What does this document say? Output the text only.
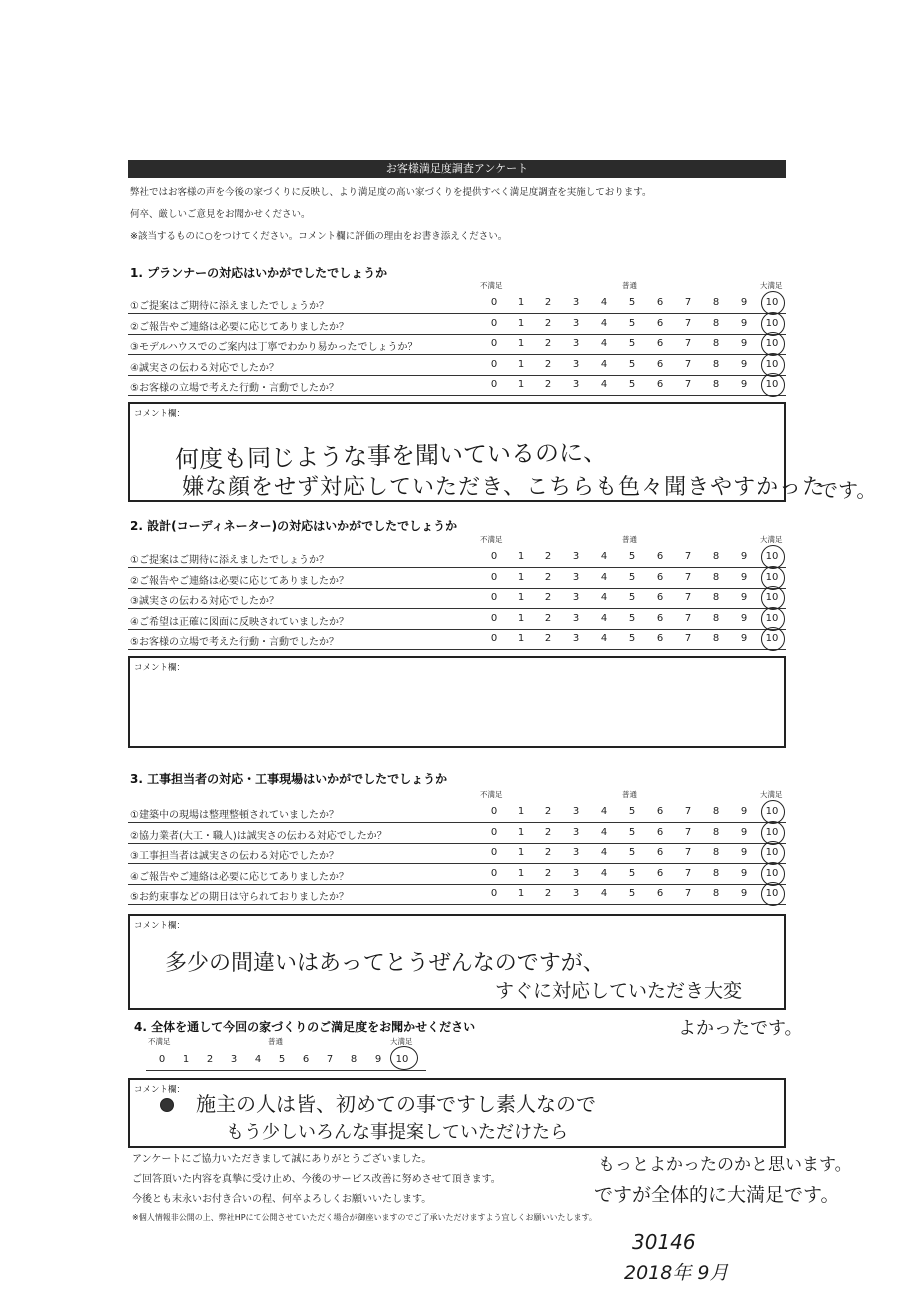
お客様満足度調査アンケート
弊社ではお客様の声を今後の家づくりに反映し、より満足度の高い家づくりを提供すべく満足度調査を実施しております。
何卒、厳しいご意見をお聞かせください。
※該当するものに○をつけてください。コメント欄に評価の理由をお書き添えください。
1. プランナーの対応はいかがでしたでしょうか
不満足	普通	大満足
①ご提案はご期待に添えましたでしょうか？	0	1	2	3	4	5	6	7	8	9	10
②ご報告やご連絡は必要に応じてありましたか？	0	1	2	3	4	5	6	7	8	9	10
③モデルハウスでのご案内は丁寧でわかり易かったでしょうか？	0	1	2	3	4	5	6	7	8	9	10
④誠実さの伝わる対応でしたか？	0	1	2	3	4	5	6	7	8	9	10
⑤お客様の立場で考えた行動・言動でしたか？	0	1	2	3	4	5	6	7	8	9	10
コメント欄：
何度も同じような事を聞いているのに、
嫌な顔をせず対応していただき、こちらも色々聞きやすかった
です。
2. 設計(コーディネーター)の対応はいかがでしたでしょうか
不満足	普通	大満足
①ご提案はご期待に添えましたでしょうか？	0	1	2	3	4	5	6	7	8	9	10
②ご報告やご連絡は必要に応じてありましたか？	0	1	2	3	4	5	6	7	8	9	10
③誠実さの伝わる対応でしたか？	0	1	2	3	4	5	6	7	8	9	10
④ご希望は正確に図面に反映されていましたか？	0	1	2	3	4	5	6	7	8	9	10
⑤お客様の立場で考えた行動・言動でしたか？	0	1	2	3	4	5	6	7	8	9	10
コメント欄：
3. 工事担当者の対応・工事現場はいかがでしたでしょうか
不満足	普通	大満足
①建築中の現場は整理整頓されていましたか？	0	1	2	3	4	5	6	7	8	9	10
②協力業者(大工・職人)は誠実さの伝わる対応でしたか？	0	1	2	3	4	5	6	7	8	9	10
③工事担当者は誠実さの伝わる対応でしたか？	0	1	2	3	4	5	6	7	8	9	10
④ご報告やご連絡は必要に応じてありましたか？	0	1	2	3	4	5	6	7	8	9	10
⑤お約束事などの期日は守られておりましたか？	0	1	2	3	4	5	6	7	8	9	10
コメント欄：
多少の間違いはあってとうぜんなのですが、
すぐに対応していただき大変
よかったです。
4. 全体を通して今回の家づくりのご満足度をお聞かせください
不満足	普通	大満足
0	1	2	3	4	5	6	7	8	9	10
コメント欄：
施主の人は皆、初めての事ですし素人なので
もう少しいろんな事提案していただけたら
もっとよかったのかと思います。
ですが全体的に大満足です。
アンケートにご協力いただきまして誠にありがとうございました。
ご回答頂いた内容を真摯に受け止め、今後のサービス改善に努めさせて頂きます。
今後とも末永いお付き合いの程、何卒よろしくお願いいたします。
※個人情報非公開の上、弊社HPにて公開させていただく場合が御座いますのでご了承いただけますよう宜しくお願いいたします。
30146
2018年 9月
